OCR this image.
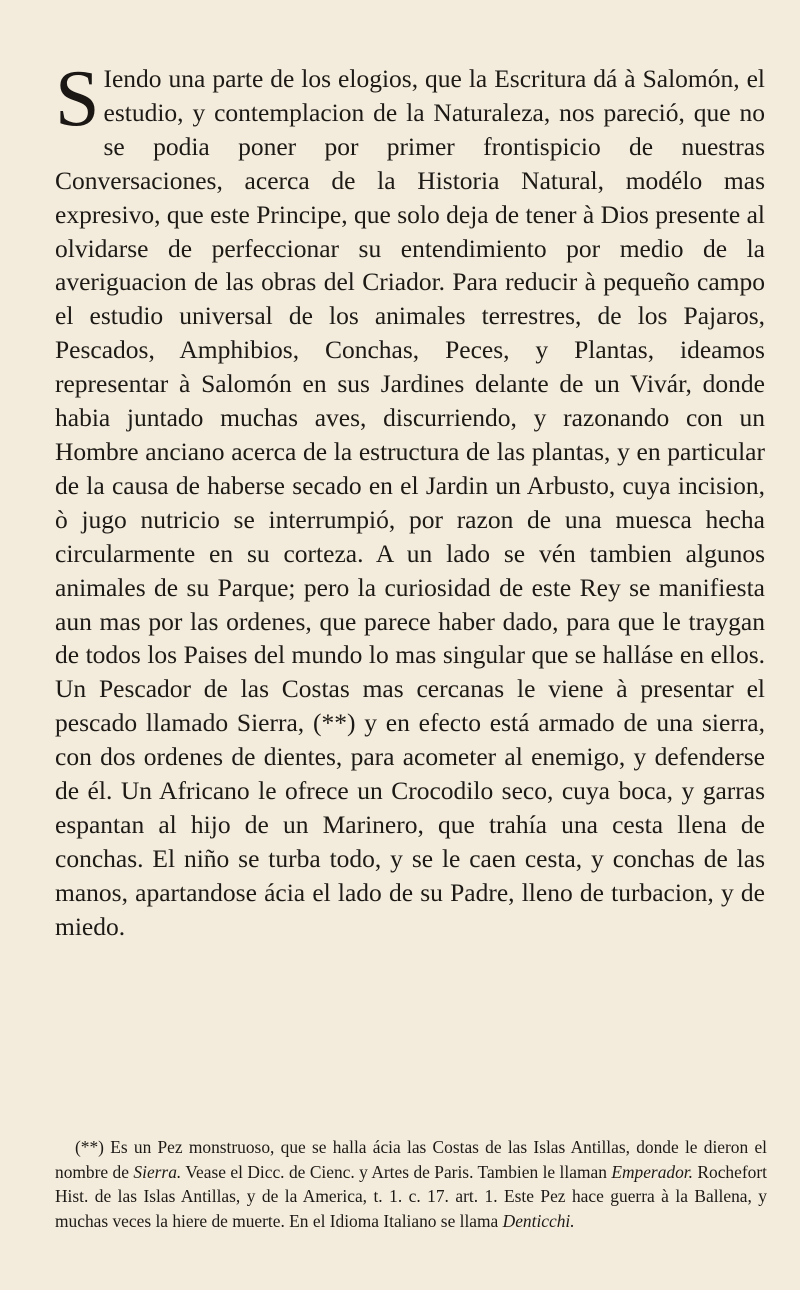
S Iendo una parte de los elogios, que la Escritura dá à Salomón, el estudio, y contemplacion de la Naturaleza, nos pareció, que no se podia poner por primer frontispicio de nuestras Conversaciones, acerca de la Historia Natural, modélo mas expresivo, que este Principe, que solo deja de tener à Dios presente al olvidarse de perfeccionar su entendimiento por medio de la averiguacion de las obras del Criador. Para reducir à pequeño campo el estudio universal de los animales terrestres, de los Pajaros, Pescados, Amphibios, Conchas, Peces, y Plantas, ideamos representar à Salomón en sus Jardines delante de un Vivár, donde habia juntado muchas aves, discurriendo, y razonando con un Hombre anciano acerca de la estructura de las plantas, y en particular de la causa de haberse secado en el Jardin un Arbusto, cuya incision, ò jugo nutricio se interrumpió, por razon de una muesca hecha circularmente en su corteza. A un lado se vén tambien algunos animales de su Parque; pero la curiosidad de este Rey se manifiesta aun mas por las ordenes, que parece haber dado, para que le traygan de todos los Paises del mundo lo mas singular que se halláse en ellos. Un Pescador de las Costas mas cercanas le viene à presentar el pescado llamado Sierra, (**) y en efecto está armado de una sierra, con dos ordenes de dientes, para acometer al enemigo, y defenderse de él. Un Africano le ofrece un Crocodilo seco, cuya boca, y garras espantan al hijo de un Marinero, que trahía una cesta llena de conchas. El niño se turba todo, y se le caen cesta, y conchas de las manos, apartandose ácia el lado de su Padre, lleno de turbacion, y de miedo.

(**) Es un Pez monstruoso, que se halla ácia las Costas de las Islas Antillas, donde le dieron el nombre de Sierra. Vease el Dicc. de Cienc. y Artes de Paris. Tambien le llaman Emperador. Rochefort Hist. de las Islas Antillas, y de la America, t. 1. c. 17. art. 1. Este Pez hace guerra à la Ballena, y muchas veces la hiere de muerte. En el Idioma Italiano se llama Denticchi.
